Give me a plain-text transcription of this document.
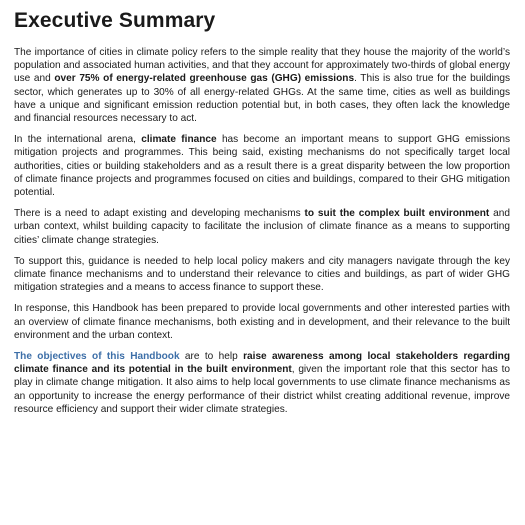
Executive Summary

The importance of cities in climate policy refers to the simple reality that they house the majority of the world’s population and associated human activities, and that they account for approximately two-thirds of global energy use and over 75% of energy-related greenhouse gas (GHG) emissions. This is also true for the buildings sector, which generates up to 30% of all energy-related GHGs. At the same time, cities as well as buildings have a unique and significant emission reduction potential but, in both cases, they often lack the knowledge and financial resources necessary to act.

In the international arena, climate finance has become an important means to support GHG emissions mitigation projects and programmes. This being said, existing mechanisms do not specifically target local authorities, cities or building stakeholders and as a result there is a great disparity between the low proportion of climate finance projects and programmes focused on cities and buildings, compared to their GHG mitigation potential.

There is a need to adapt existing and developing mechanisms to suit the complex built environment and urban context, whilst building capacity to facilitate the inclusion of climate finance as a means to supporting cities’ climate change strategies.

To support this, guidance is needed to help local policy makers and city managers navigate through the key climate finance mechanisms and to understand their relevance to cities and buildings, as part of wider GHG mitigation strategies and a means to access finance to support these.

In response, this Handbook has been prepared to provide local governments and other interested parties with an overview of climate finance mechanisms, both existing and in development, and their relevance to the built environment and the urban context.

The objectives of this Handbook are to help raise awareness among local stakeholders regarding climate finance and its potential in the built environment, given the important role that this sector has to play in climate change mitigation. It also aims to help local governments to use climate finance mechanisms as an opportunity to increase the energy performance of their district whilst creating additional revenue, improve resource efficiency and support their wider climate strategies.
